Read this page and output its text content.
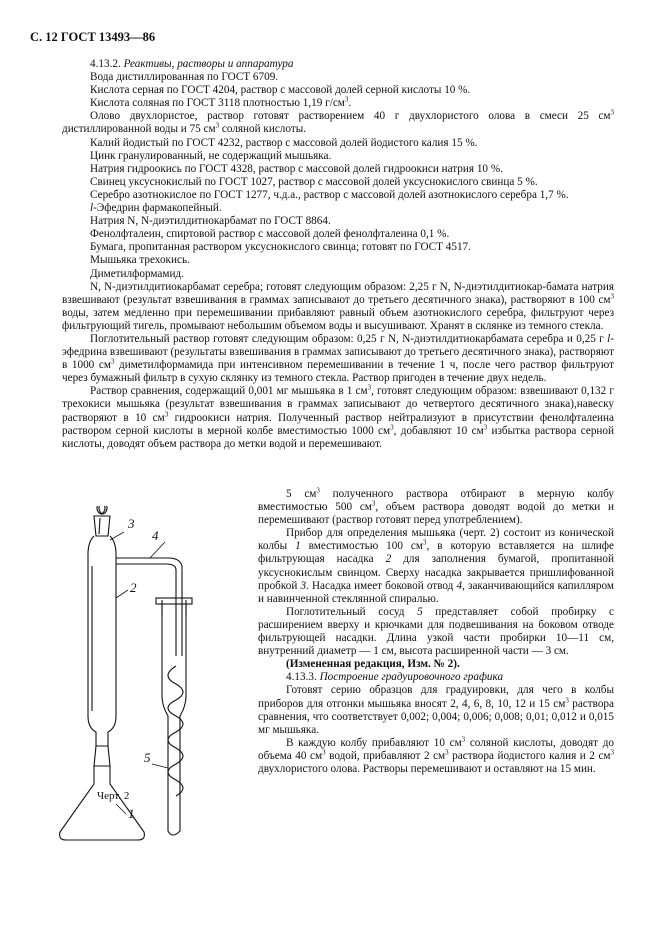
С. 12 ГОСТ 13493—86

4.13.2. Реактивы, растворы и аппаратура

Вода дистиллированная по ГОСТ 6709.

Кислота серная по ГОСТ 4204, раствор с массовой долей серной кислоты 10 %.

Кислота соляная по ГОСТ 3118 плотностью 1,19 $г/см^3$.

Олово двухлористое, раствор готовят растворением 40 г двухлористого олова в смеси 25 $см^3$ дистиллированной воды и 75 $см^3$ соляной кислоты.

Калий йодистый по ГОСТ 4232, раствор с массовой долей йодистого калия 15 %.

Цинк гранулированный, не содержащий мышьяка.

Натрия гидроокись по ГОСТ 4328, раствор с массовой долей гидроокиси натрия 10 %.

Свинец уксуснокислый по ГОСТ 1027, раствор с массовой долей уксуснокислого свинца 5 %.

Серебро азотнокислое по ГОСТ 1277, ч.д.а., раствор с массовой долей азотнокислого серебра 1,7 %.

l-Эфедрин фармакопейный.

Натрия N, N-диэтилдитиокарбамат по ГОСТ 8864.

Фенолфталеин, спиртовой раствор с массовой долей фенолфталеина 0,1 %.

Бумага, пропитанная раствором уксуснокислого свинца; готовят по ГОСТ 4517.

Мышьяка трехокись.

Диметилформамид.

N, N-диэтилдитиокарбамат серебра; готовят следующим образом: 2,25 г N, N-диэтилдитиокар-бамата натрия взвешивают (результат взвешивания в граммах записывают до третьего десятичного знака), растворяют в 100 $см^3$ воды, затем медленно при перемешивании прибавляют равный объем азотнокислого серебра, фильтруют через фильтрующий тигель, промывают небольшим объемом воды и высушивают. Хранят в склянке из темного стекла.

Поглотительный раствор готовят следующим образом: 0,25 г N, N-диэтилдитиокарбамата серебра и 0,25 г l-эфедрина взвешивают (результаты взвешивания в граммах записывают до третьего десятичного знака), растворяют в 1000 $см^3$ диметилформамида при интенсивном перемешивании в течение 1 ч, после чего раствор фильтруют через бумажный фильтр в сухую склянку из темного стекла. Раствор пригоден в течение двух недель.

Раствор сравнения, содержащий 0,001 мг мышьяка в 1 $см^3$, готовят следующим образом: взвешивают 0,132 г трехокиси мышьяка (результат взвешивания в граммах записывают до четвертого десятичного знака),навеску растворяют в 10 $см^3$ гидроокиси натрия. Полученный раствор нейтрализуют в присутствии фенолфталеина раствором серной кислоты в мерной колбе вместимостью 1000 $см^3$, добавляют 10 $см^3$ избытка раствора серной кислоты, доводят объем раствора до метки водой и перемешивают.

5 $см^3$ полученного раствора отбирают в мерную колбу вместимостью 500 $см^3$, объем раствора доводят водой до метки и перемешивают (раствор готовят перед употреблением).

Прибор для определения мышьяка (черт. 2) состоит из конической колбы 1 вместимостью 100 $см^3$, в которую вставляется на шлифе фильтрующая насадка 2 для заполнения бумагой, пропитанной уксуснокислым свинцом. Сверху насадка закрывается пришлифованной пробкой 3. Насадка имеет боковой отвод 4, заканчивающийся капилляром и навинченной стеклянной спиралью.

Поглотительный сосуд 5 представляет собой пробирку с расширением вверху и крючками для подвешивания на боковом отводе фильтрующей насадки. Длина узкой части пробирки 10—11 см, внутренний диаметр — 1 см, высота расширенной части — 3 см.

(Измененная редакция, Изм. № 2).

4.13.3. Построение градуировочного графика

Готовят серию образцов для градуировки, для чего в колбы приборов для отгонки мышьяка вносят 2, 4, 6, 8, 10, 12 и 15 $см^3$ раствора сравнения, что соответствует 0,002; 0,004; 0,006; 0,008; 0,01; 0,012 и 0,015 мг мышьяка.

В каждую колбу прибавляют 10 $см^3$ соляной кислоты, доводят до объема 40 $см^3$ водой, прибавляют 2 $см^3$ раствора йодистого калия и 2 $см^3$ двухлористого олова. Растворы перемешивают и оставляют на 15 мин.

3
2
4
5
1
Черт. 2
